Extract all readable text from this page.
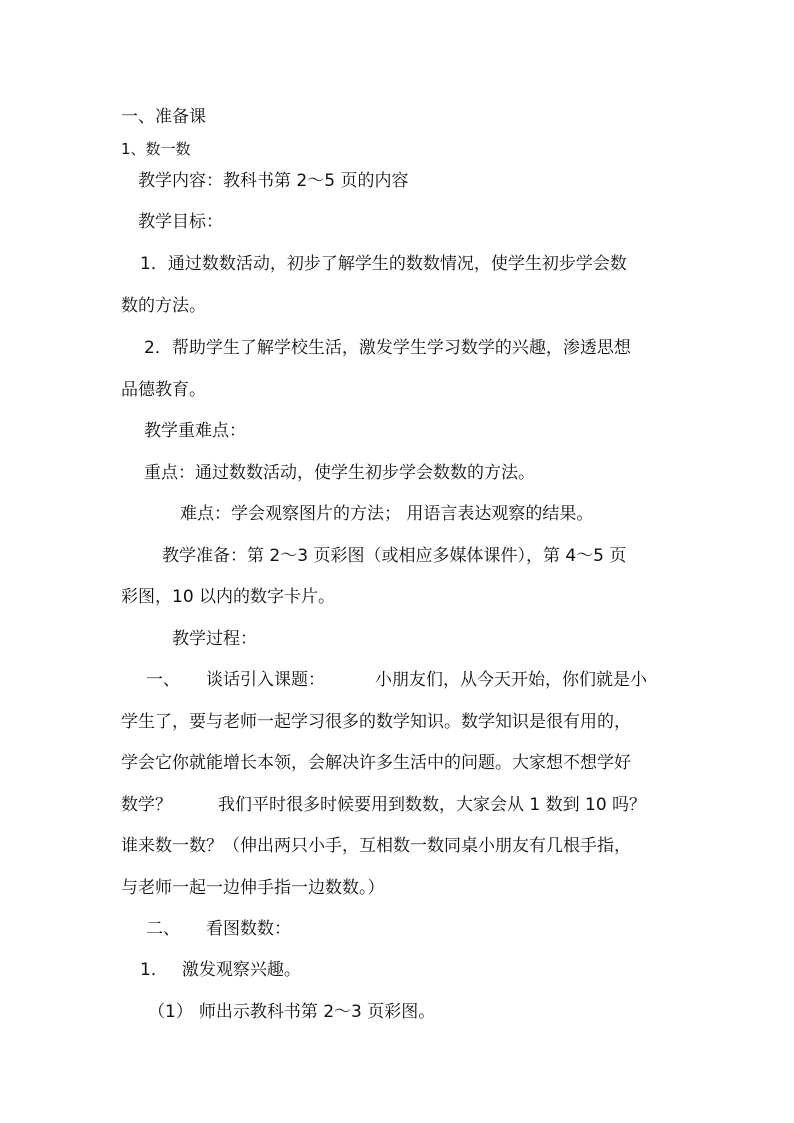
一、准备课

1、数一数

教学内容：教科书第 2～5 页的内容

教学目标：

1．通过数数活动，初步了解学生的数数情况，使学生初步学会数

数的方法。

2．帮助学生了解学校生活，激发学生学习数学的兴趣，渗透思想

品德教育。

教学重难点：

重点：通过数数活动，使学生初步学会数数的方法。

难点：学会观察图片的方法； 用语言表达观察的结果。

教学准备：第 2～3 页彩图（或相应多媒体课件），第 4～5 页

彩图，10 以内的数字卡片。

教学过程：

一、 谈话引入课题：	小朋友们，从今天开始，你们就是小

学生了，要与老师一起学习很多的数学知识。数学知识是很有用的，

学会它你就能增长本领，会解决许多生活中的问题。大家想不想学好

数学？	我们平时很多时候要用到数数，大家会从 1 数到 10 吗？

谁来数一数？（伸出两只小手，互相数一数同桌小朋友有几根手指，

与老师一起一边伸手指一边数数。）

二、 看图数数：

1． 激发观察兴趣。

（1） 师出示教科书第 2～3 页彩图。
